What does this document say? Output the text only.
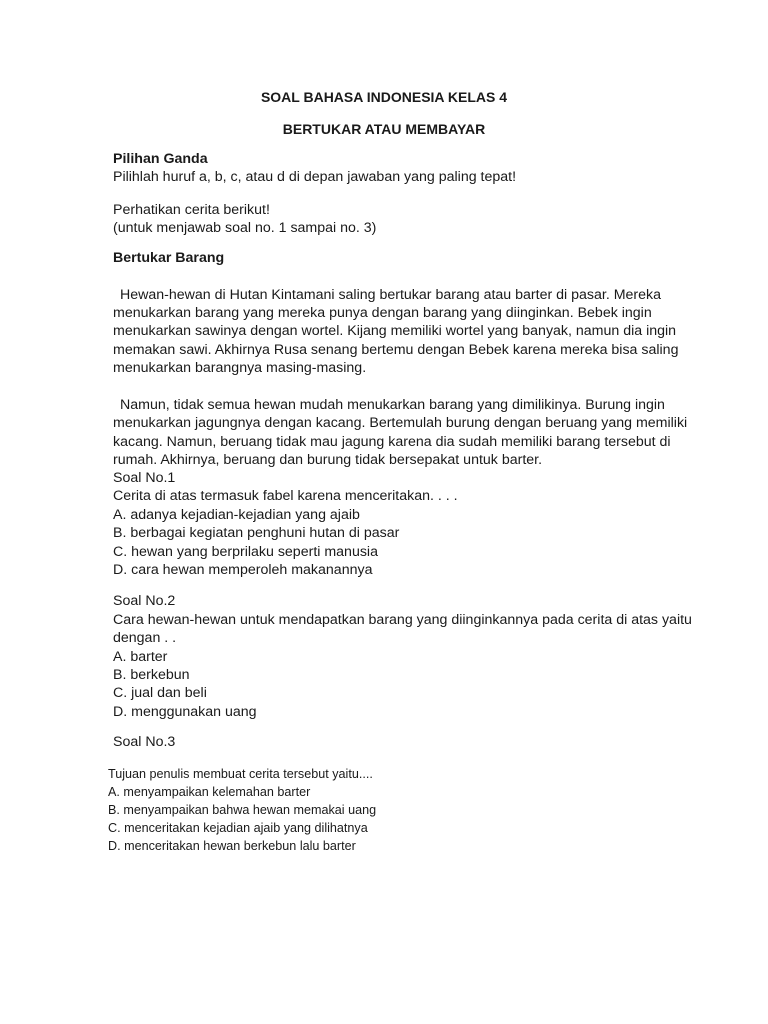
SOAL BAHASA INDONESIA KELAS 4
BERTUKAR ATAU MEMBAYAR
Pilihan Ganda
Pilihlah huruf a, b, c, atau d di depan jawaban yang paling tepat!
Perhatikan cerita berikut!
(untuk menjawab soal no. 1 sampai no. 3)
Bertukar Barang
Hewan-hewan di Hutan Kintamani saling bertukar barang atau barter di pasar. Mereka
menukarkan barang yang mereka punya dengan barang yang diinginkan. Bebek ingin
menukarkan sawinya dengan wortel. Kijang memiliki wortel yang banyak, namun dia ingin
memakan sawi. Akhirnya Rusa senang bertemu dengan Bebek karena mereka bisa saling
menukarkan barangnya masing-masing.
Namun, tidak semua hewan mudah menukarkan barang yang dimilikinya. Burung ingin
menukarkan jagungnya dengan kacang. Bertemulah burung dengan beruang yang memiliki
kacang. Namun, beruang tidak mau jagung karena dia sudah memiliki barang tersebut di
rumah. Akhirnya, beruang dan burung tidak bersepakat untuk barter.
Soal No.1
Cerita di atas termasuk fabel karena menceritakan. . . .
A. adanya kejadian-kejadian yang ajaib
B. berbagai kegiatan penghuni hutan di pasar
C. hewan yang berprilaku seperti manusia
D. cara hewan memperoleh makanannya
Soal No.2
Cara hewan-hewan untuk mendapatkan barang yang diinginkannya pada cerita di atas yaitu
dengan . .
A. barter
B. berkebun
C. jual dan beli
D. menggunakan uang
Soal No.3
Tujuan penulis membuat cerita tersebut yaitu....
A. menyampaikan kelemahan barter
B. menyampaikan bahwa hewan memakai uang
C. menceritakan kejadian ajaib yang dilihatnya
D. menceritakan hewan berkebun lalu barter
